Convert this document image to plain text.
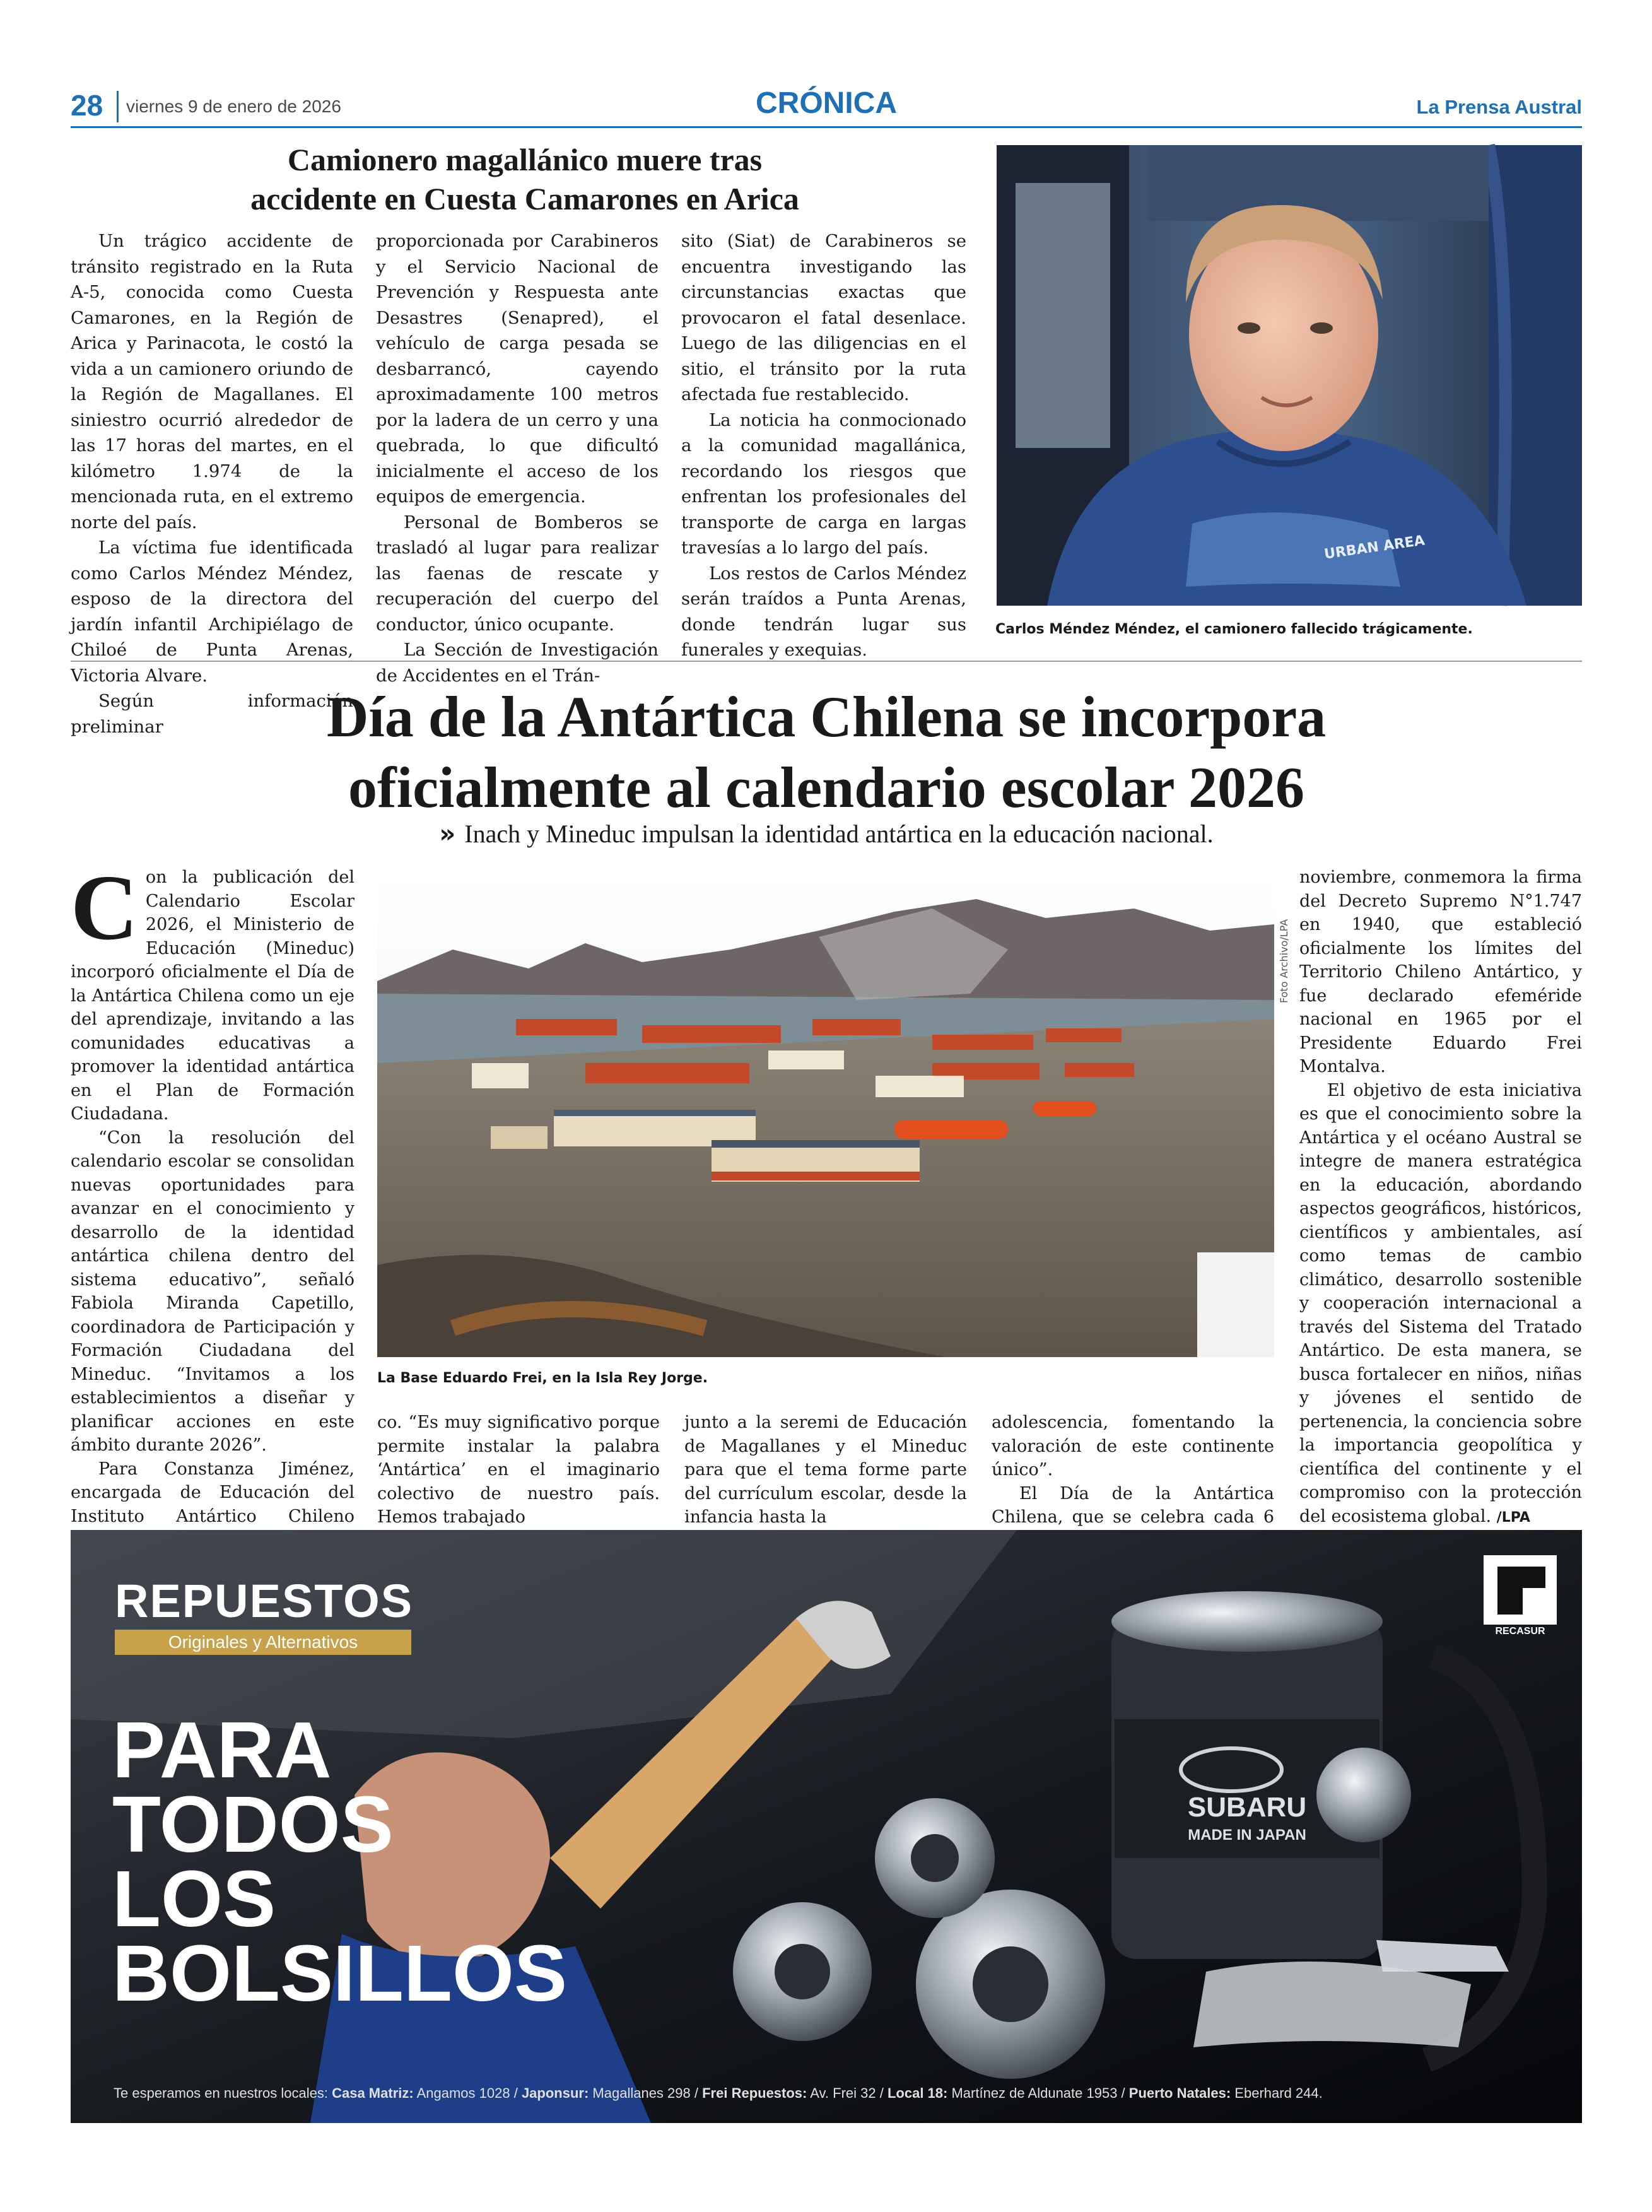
28 viernes 9 de enero de 2026	CRÓNICA	La Prensa Austral
Camionero magallánico muere tras
accidente en Cuesta Camarones en Arica

Un trágico accidente de tránsito registrado en la Ruta A-5, conocida como Cuesta Camarones, en la Región de Arica y Parinacota, le costó la vida a un camionero oriundo de la Región de Magallanes. El siniestro ocurrió alrededor de las 17 horas del martes, en el kilómetro 1.974 de la mencionada ruta, en el extremo norte del país.

La víctima fue identificada como Carlos Méndez Méndez, esposo de la directora del jardín infantil Archipiélago de Chiloé de Punta Arenas, Victoria Alvare.

Según información preliminar

proporcionada por Carabineros y el Servicio Nacional de Prevención y Respuesta ante Desastres (Senapred), el vehículo de carga pesada se desbarrancó, cayendo aproximadamente 100 metros por la ladera de un cerro y una quebrada, lo que dificultó inicialmente el acceso de los equipos de emergencia.

Personal de Bomberos se trasladó al lugar para realizar las faenas de rescate y recuperación del cuerpo del conductor, único ocupante.

La Sección de Investigación de Accidentes en el Trán-

sito (Siat) de Carabineros se encuentra investigando las circunstancias exactas que provocaron el fatal desenlace. Luego de las diligencias en el sitio, el tránsito por la ruta afectada fue restablecido.

La noticia ha conmocionado a la comunidad magallánica, recordando los riesgos que enfrentan los profesionales del transporte de carga en largas travesías a lo largo del país.

Los restos de Carlos Méndez serán traídos a Punta Arenas, donde tendrán lugar sus funerales y exequias.

URBAN AREA
Carlos Méndez Méndez, el camionero fallecido trágicamente.
Día de la Antártica Chilena se incorpora
oficialmente al calendario escolar 2026
» Inach y Mineduc impulsan la identidad antártica en la educación nacional.

Con la publicación del Calendario Escolar 2026, el Ministerio de Educación (Mineduc) incorporó oficialmente el Día de la Antártica Chilena como un eje del aprendizaje, invitando a las comunidades educativas a promover la identidad antártica en el Plan de Formación Ciudadana.

“Con la resolución del calendario escolar se consolidan nuevas oportunidades para avanzar en el conocimiento y desarrollo de la identidad antártica chilena dentro del sistema educativo”, señaló Fabiola Miranda Capetillo, coordinadora de Participación y Formación Ciudadana del Mineduc. “Invitamos a los establecimientos a diseñar y planificar acciones en este ámbito durante 2026”.

Para Constanza Jiménez, encargada de Educación del Instituto Antártico Chileno

La Base Eduardo Frei, en la Isla Rey Jorge.
Foto Archivo/LPA

co. “Es muy significativo porque permite instalar la palabra ‘Antártica’ en el imaginario colectivo de nuestro país. Hemos trabajado

junto a la seremi de Educación de Magallanes y el Mineduc para que el tema forme parte del currículum escolar, desde la infancia hasta la

adolescencia, fomentando la valoración de este continente único”.

El Día de la Antártica Chilena, que se celebra cada 6

noviembre, conmemora la firma del Decreto Supremo N°1.747 en 1940, que estableció oficialmente los límites del Territorio Chileno Antártico, y fue declarado efeméride nacional en 1965 por el Presidente Eduardo Frei Montalva.

El objetivo de esta iniciativa es que el conocimiento sobre la Antártica y el océano Austral se integre de manera estratégica en la educación, abordando aspectos geográficos, históricos, científicos y ambientales, así como temas de cambio climático, desarrollo sostenible y cooperación internacional a través del Sistema del Tratado Antártico. De esta manera, se busca fortalecer en niños, niñas y jóvenes el sentido de pertenencia, la conciencia sobre la importancia geopolítica y científica del continente y el compromiso con la protección del ecosistema global. /LPA

REPUESTOS
Originales y Alternativos
PARA
TODOS
LOS
BOLSILLOS
RECASUR
SUBARU
MADE IN JAPAN
Te esperamos en nuestros locales: Casa Matriz: Angamos 1028 / Japonsur: Magallanes 298 / Frei Repuestos: Av. Frei 32 / Local 18: Martínez de Aldunate 1953 / Puerto Natales: Eberhard 244.
